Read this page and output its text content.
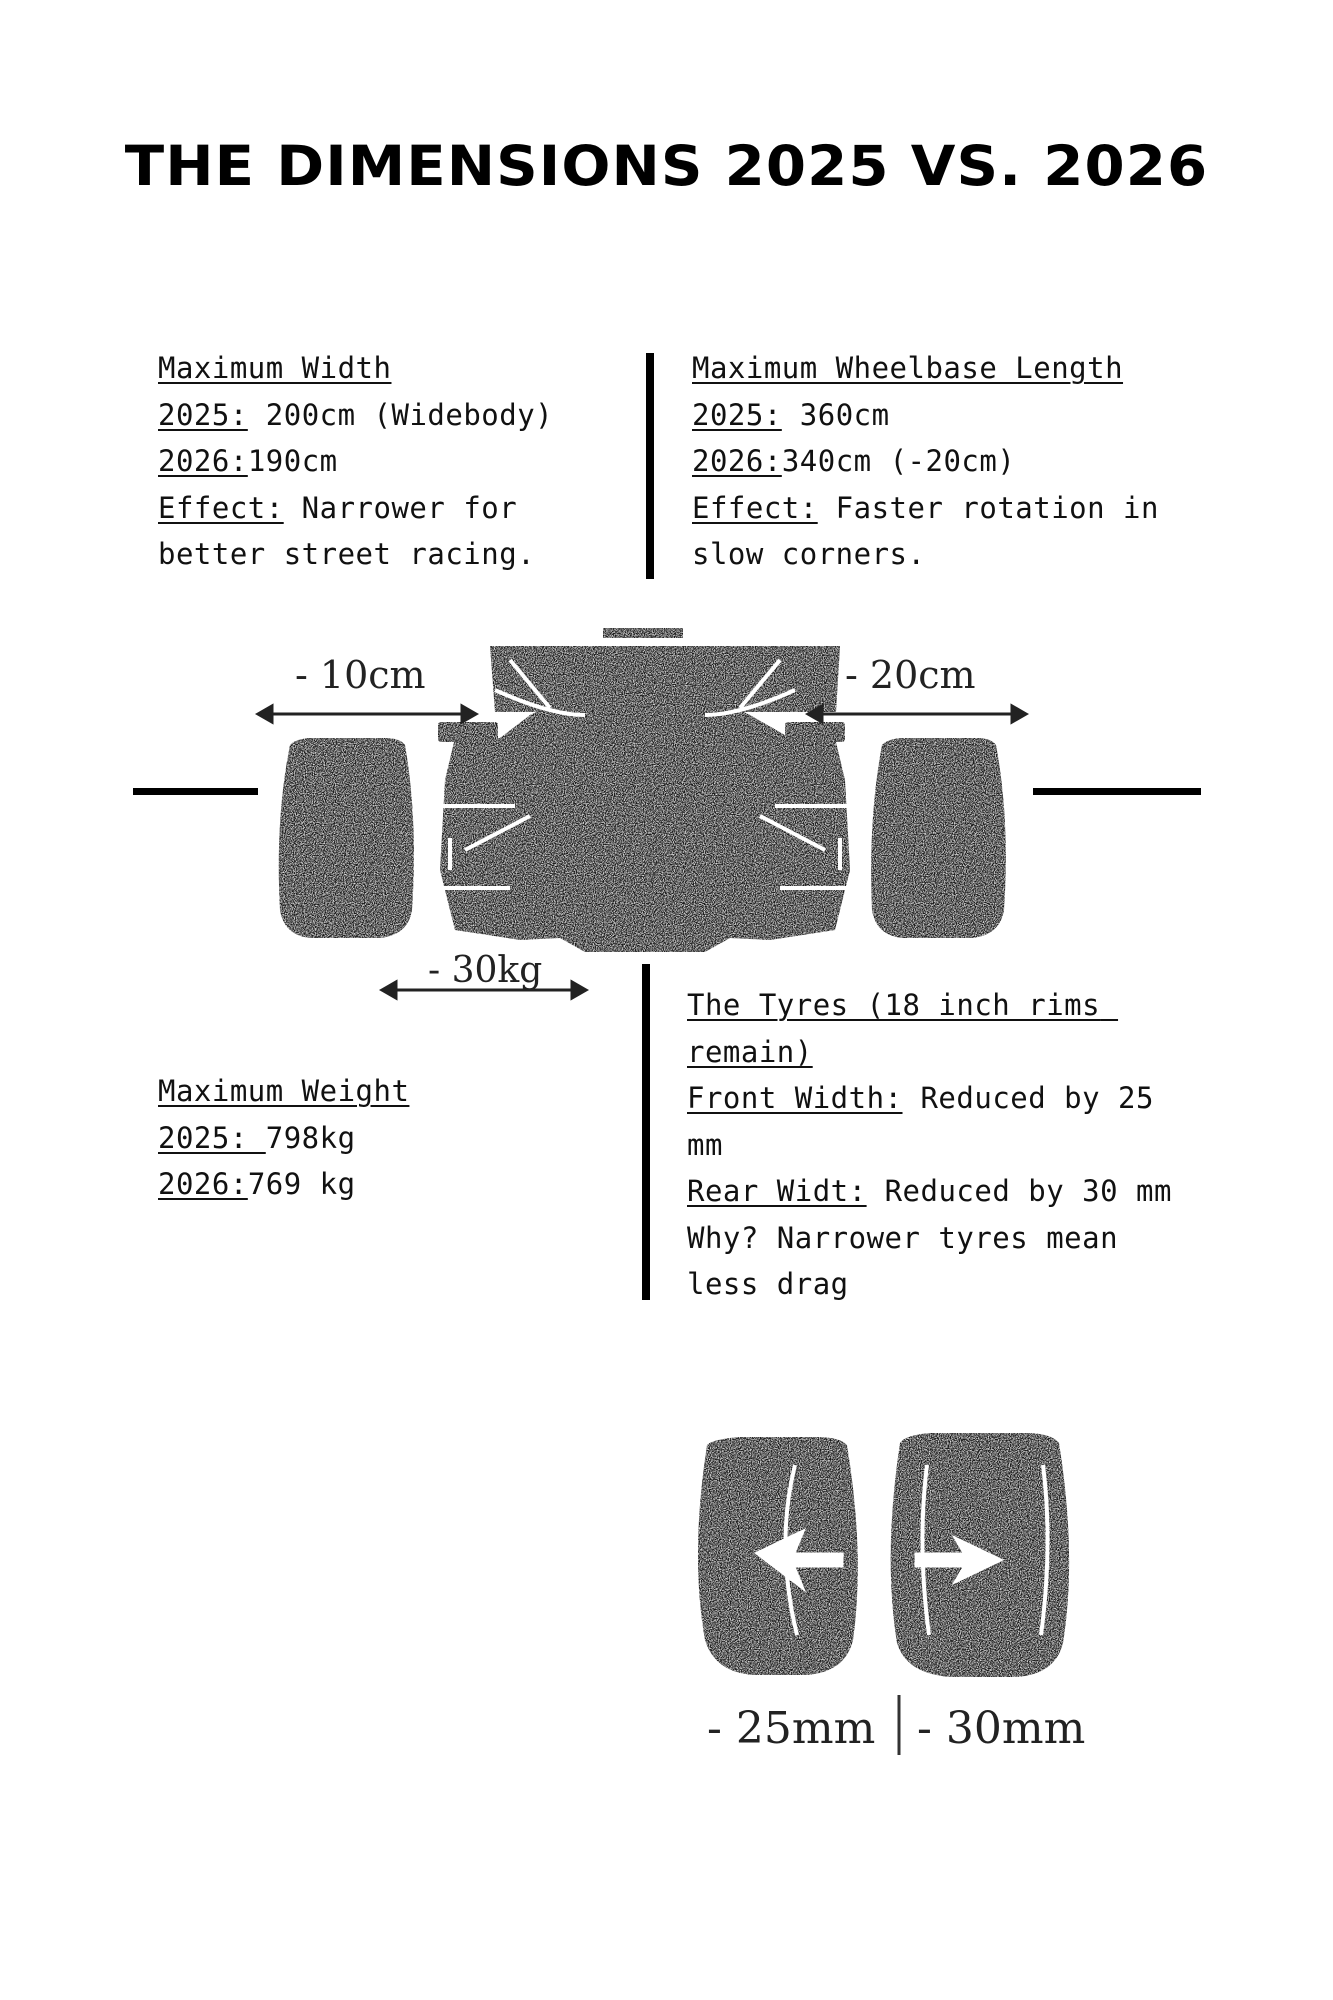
THE DIMENSIONS 2025 VS. 2026

Maximum Width

2025: 200cm (Widebody)

2026:190cm

Effect: Narrower for better street racing.

Maximum Wheelbase Length

2025: 360cm

2026:340cm (-20cm)

Effect: Faster rotation in slow corners.

- 10cm	- 20cm
- 30kg

Maximum Weight

2025: 798kg

2026:769 kg

The Tyres (18 inch rims remain)

Front Width: Reduced by 25 mm

Rear Widt: Reduced by 30 mm

Why? Narrower tyres mean less drag

- 25mm - 30mm
